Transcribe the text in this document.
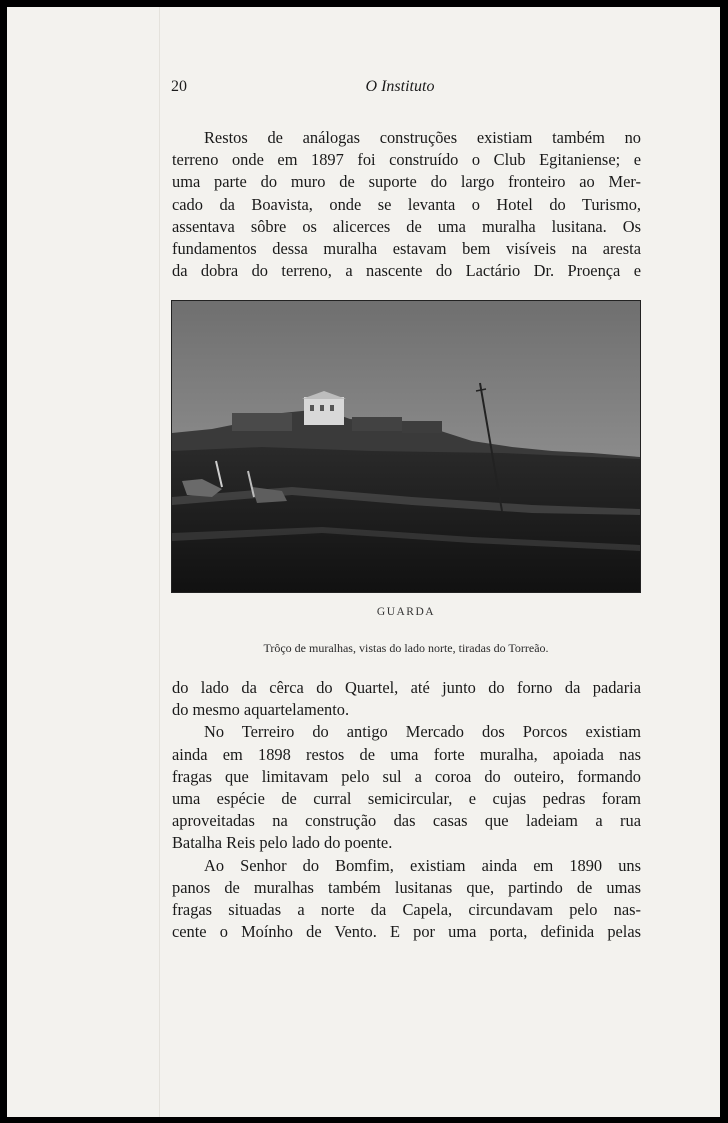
20	O Instituto

Restos de análogas construções existiam também no
terreno onde em 1897 foi construído o Club Egitaniense; e
uma parte do muro de suporte do largo fronteiro ao Mer-
cado da Boavista, onde se levanta o Hotel do Turismo,
assentava sôbre os alicerces de uma muralha lusitana. Os
fundamentos dessa muralha estavam bem visíveis na aresta
da dobra do terreno, a nascente do Lactário Dr. Proença e

GUARDA
Trôço de muralhas, vistas do lado norte, tiradas do Torreão.

do lado da cêrca do Quartel, até junto do forno da padaria
do mesmo aquartelamento.

No Terreiro do antigo Mercado dos Porcos existiam
ainda em 1898 restos de uma forte muralha, apoiada nas
fragas que limitavam pelo sul a coroa do outeiro, formando
uma espécie de curral semicircular, e cujas pedras foram
aproveitadas na construção das casas que ladeiam a rua
Batalha Reis pelo lado do poente.

Ao Senhor do Bomfim, existiam ainda em 1890 uns
panos de muralhas também lusitanas que, partindo de umas
fragas situadas a norte da Capela, circundavam pelo nas-
cente o Moínho de Vento. E por uma porta, definida pelas
